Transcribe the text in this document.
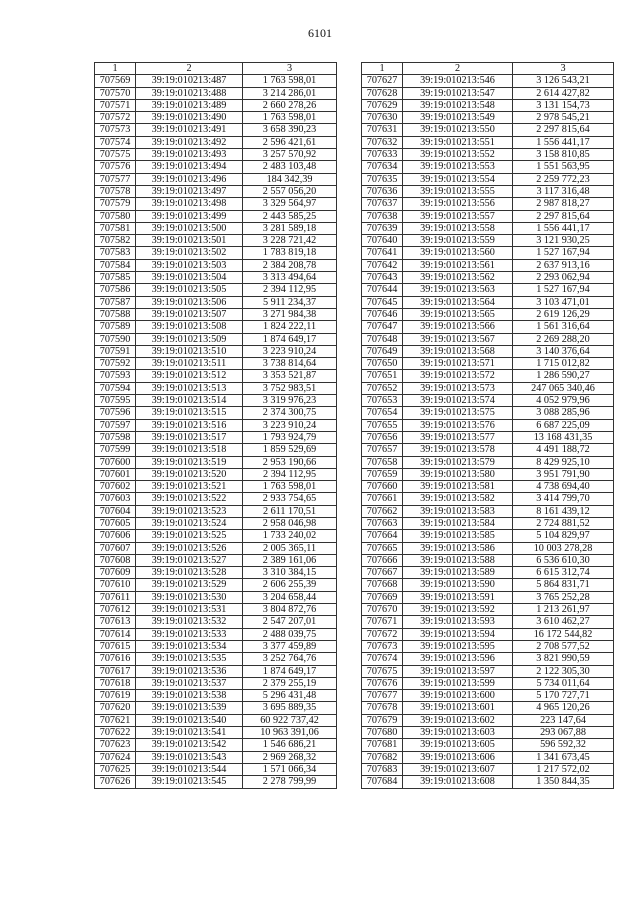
6101
1	2	3
707569	39:19:010213:487	1 763 598,01
707570	39:19:010213:488	3 214 286,01
707571	39:19:010213:489	2 660 278,26
707572	39:19:010213:490	1 763 598,01
707573	39:19:010213:491	3 658 390,23
707574	39:19:010213:492	2 596 421,61
707575	39:19:010213:493	3 257 570,92
707576	39:19:010213:494	2 483 103,48
707577	39:19:010213:496	184 342,39
707578	39:19:010213:497	2 557 056,20
707579	39:19:010213:498	3 329 564,97
707580	39:19:010213:499	2 443 585,25
707581	39:19:010213:500	3 281 589,18
707582	39:19:010213:501	3 228 721,42
707583	39:19:010213:502	1 783 819,18
707584	39:19:010213:503	2 384 208,78
707585	39:19:010213:504	3 313 494,64
707586	39:19:010213:505	2 394 112,95
707587	39:19:010213:506	5 911 234,37
707588	39:19:010213:507	3 271 984,38
707589	39:19:010213:508	1 824 222,11
707590	39:19:010213:509	1 874 649,17
707591	39:19:010213:510	3 223 910,24
707592	39:19:010213:511	3 738 814,64
707593	39:19:010213:512	3 353 521,87
707594	39:19:010213:513	3 752 983,51
707595	39:19:010213:514	3 319 976,23
707596	39:19:010213:515	2 374 300,75
707597	39:19:010213:516	3 223 910,24
707598	39:19:010213:517	1 793 924,79
707599	39:19:010213:518	1 859 529,69
707600	39:19:010213:519	2 953 190,66
707601	39:19:010213:520	2 394 112,95
707602	39:19:010213:521	1 763 598,01
707603	39:19:010213:522	2 933 754,65
707604	39:19:010213:523	2 611 170,51
707605	39:19:010213:524	2 958 046,98
707606	39:19:010213:525	1 733 240,02
707607	39:19:010213:526	2 005 365,11
707608	39:19:010213:527	2 389 161,06
707609	39:19:010213:528	3 310 384,15
707610	39:19:010213:529	2 606 255,39
707611	39:19:010213:530	3 204 658,44
707612	39:19:010213:531	3 804 872,76
707613	39:19:010213:532	2 547 207,01
707614	39:19:010213:533	2 488 039,75
707615	39:19:010213:534	3 377 459,89
707616	39:19:010213:535	3 252 764,76
707617	39:19:010213:536	1 874 649,17
707618	39:19:010213:537	2 379 255,19
707619	39:19:010213:538	5 296 431,48
707620	39:19:010213:539	3 695 889,35
707621	39:19:010213:540	60 922 737,42
707622	39:19:010213:541	10 963 391,06
707623	39:19:010213:542	1 546 686,21
707624	39:19:010213:543	2 969 268,32
707625	39:19:010213:544	1 571 066,34
707626	39:19:010213:545	2 278 799,99
1	2	3
707627	39:19:010213:546	3 126 543,21
707628	39:19:010213:547	2 614 427,82
707629	39:19:010213:548	3 131 154,73
707630	39:19:010213:549	2 978 545,21
707631	39:19:010213:550	2 297 815,64
707632	39:19:010213:551	1 556 441,17
707633	39:19:010213:552	3 158 810,85
707634	39:19:010213:553	1 551 563,95
707635	39:19:010213:554	2 259 772,23
707636	39:19:010213:555	3 117 316,48
707637	39:19:010213:556	2 987 818,27
707638	39:19:010213:557	2 297 815,64
707639	39:19:010213:558	1 556 441,17
707640	39:19:010213:559	3 121 930,25
707641	39:19:010213:560	1 527 167,94
707642	39:19:010213:561	2 637 913,16
707643	39:19:010213:562	2 293 062,94
707644	39:19:010213:563	1 527 167,94
707645	39:19:010213:564	3 103 471,01
707646	39:19:010213:565	2 619 126,29
707647	39:19:010213:566	1 561 316,64
707648	39:19:010213:567	2 269 288,20
707649	39:19:010213:568	3 140 376,64
707650	39:19:010213:571	1 715 012,82
707651	39:19:010213:572	1 286 590,27
707652	39:19:010213:573	247 065 340,46
707653	39:19:010213:574	4 052 979,96
707654	39:19:010213:575	3 088 285,96
707655	39:19:010213:576	6 687 225,09
707656	39:19:010213:577	13 168 431,35
707657	39:19:010213:578	4 491 188,72
707658	39:19:010213:579	8 429 925,10
707659	39:19:010213:580	3 951 791,90
707660	39:19:010213:581	4 738 694,40
707661	39:19:010213:582	3 414 799,70
707662	39:19:010213:583	8 161 439,12
707663	39:19:010213:584	2 724 881,52
707664	39:19:010213:585	5 104 829,97
707665	39:19:010213:586	10 003 278,28
707666	39:19:010213:588	6 536 610,30
707667	39:19:010213:589	6 615 312,74
707668	39:19:010213:590	5 864 831,71
707669	39:19:010213:591	3 765 252,28
707670	39:19:010213:592	1 213 261,97
707671	39:19:010213:593	3 610 462,27
707672	39:19:010213:594	16 172 544,82
707673	39:19:010213:595	2 708 577,52
707674	39:19:010213:596	3 821 990,59
707675	39:19:010213:597	2 122 305,30
707676	39:19:010213:599	5 734 011,64
707677	39:19:010213:600	5 170 727,71
707678	39:19:010213:601	4 965 120,26
707679	39:19:010213:602	223 147,64
707680	39:19:010213:603	293 067,88
707681	39:19:010213:605	596 592,32
707682	39:19:010213:606	1 341 673,45
707683	39:19:010213:607	1 217 572,02
707684	39:19:010213:608	1 350 844,35
